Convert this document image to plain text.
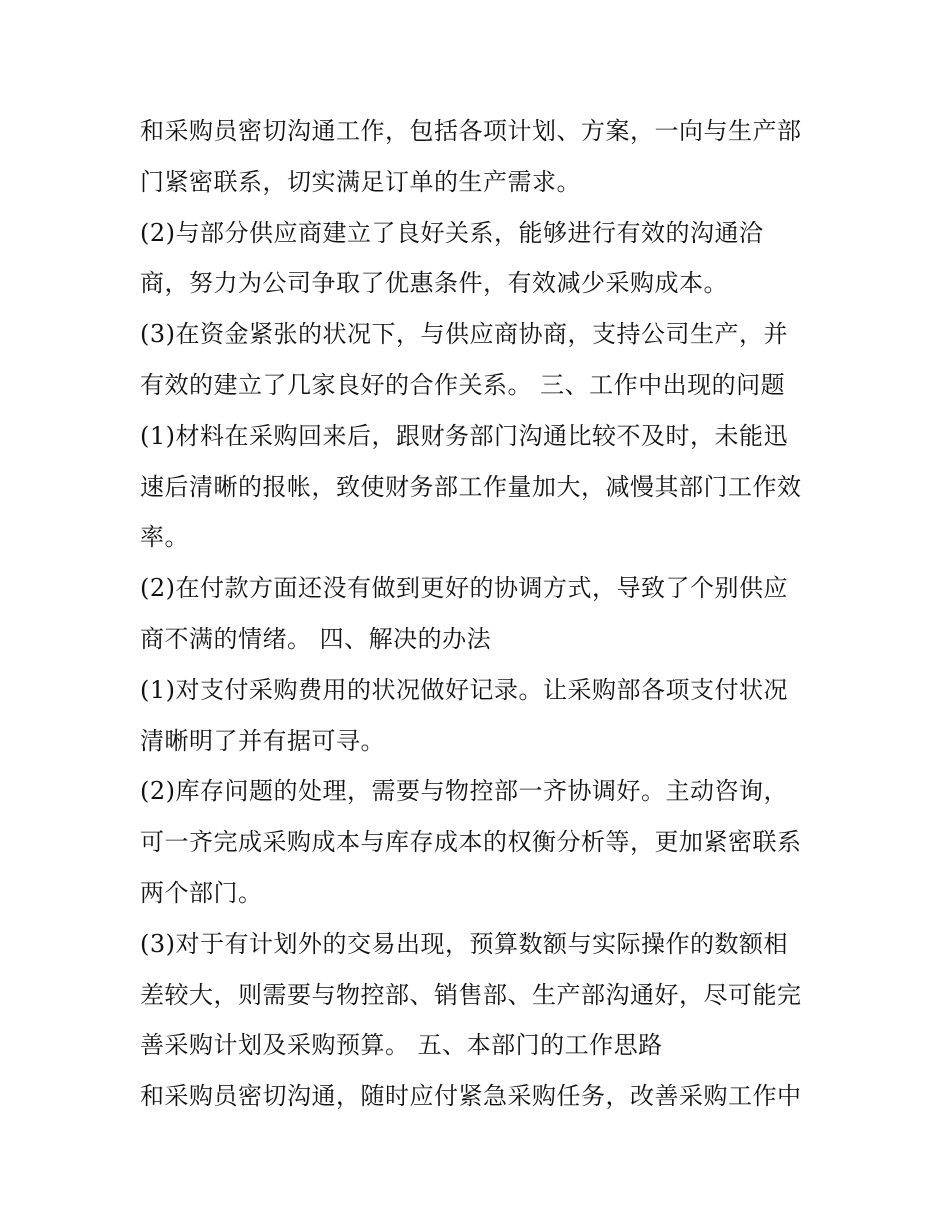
和采购员密切沟通工作，包括各项计划、方案，一向与生产部
门紧密联系，切实满足订单的生产需求。
(2)与部分供应商建立了良好关系，能够进行有效的沟通洽
商，努力为公司争取了优惠条件，有效减少采购成本。
(3)在资金紧张的状况下，与供应商协商，支持公司生产，并
有效的建立了几家良好的合作关系。 三、工作中出现的问题
(1)材料在采购回来后，跟财务部门沟通比较不及时，未能迅
速后清晰的报帐，致使财务部工作量加大，减慢其部门工作效
率。
(2)在付款方面还没有做到更好的协调方式，导致了个别供应
商不满的情绪。 四、解决的办法
(1)对支付采购费用的状况做好记录。让采购部各项支付状况
清晰明了并有据可寻。
(2)库存问题的处理，需要与物控部一齐协调好。主动咨询，
可一齐完成采购成本与库存成本的权衡分析等，更加紧密联系
两个部门。
(3)对于有计划外的交易出现，预算数额与实际操作的数额相
差较大，则需要与物控部、销售部、生产部沟通好，尽可能完
善采购计划及采购预算。 五、本部门的工作思路
和采购员密切沟通，随时应付紧急采购任务，改善采购工作中
